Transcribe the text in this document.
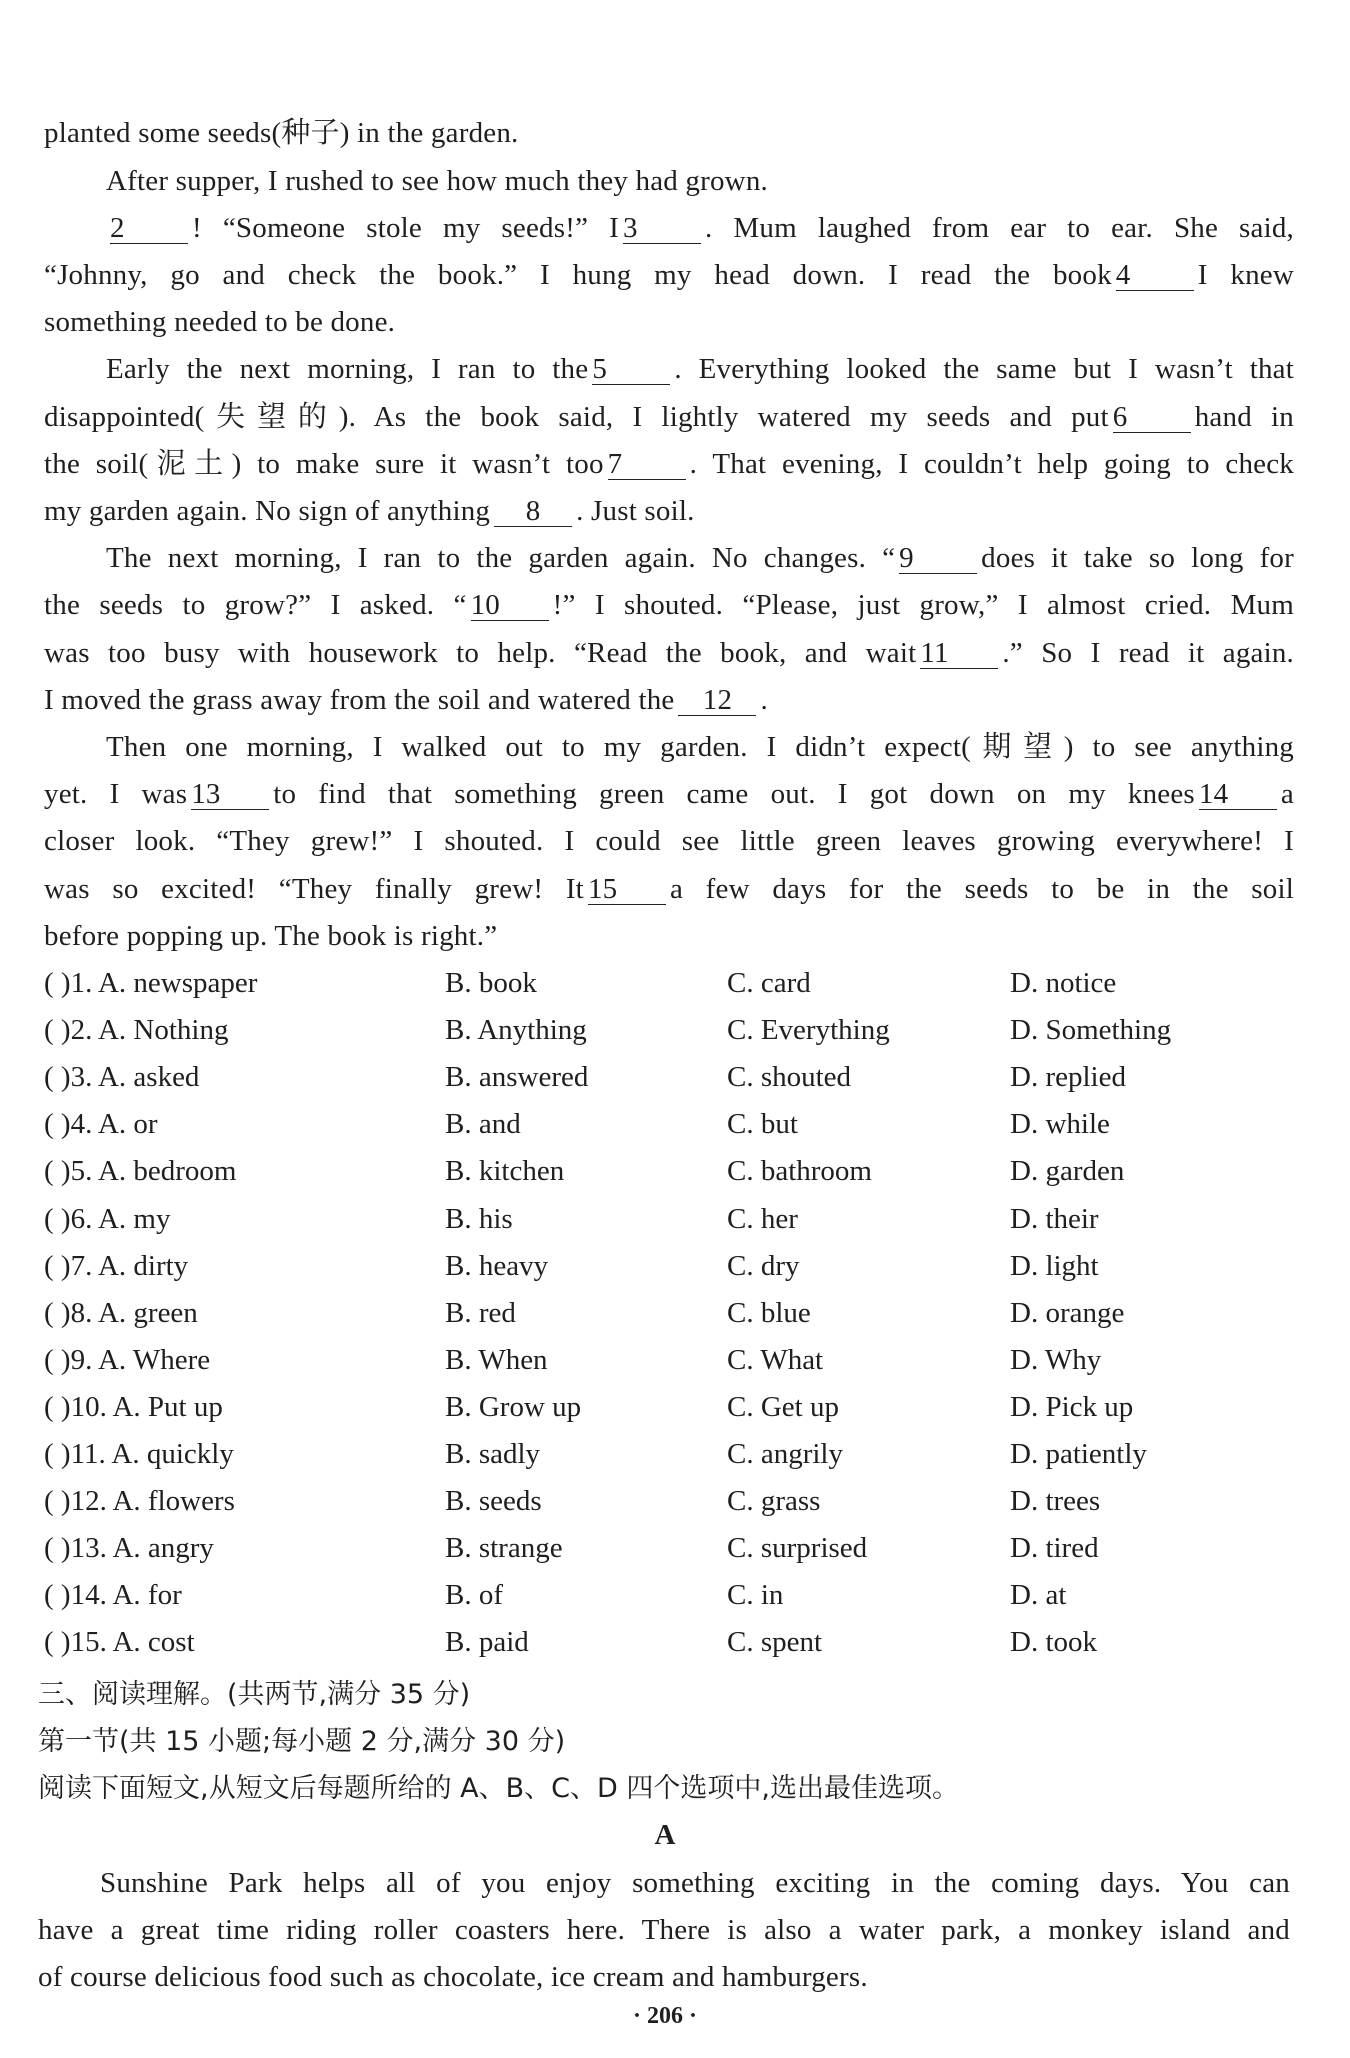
planted some seeds(种子) in the garden.
After supper, I rushed to see how much they had grown.
2 ! “Someone stole my seeds!” I 3 . Mum laughed from ear to ear. She said,
“Johnny, go and check the book.” I hung my head down. I read the book 4 I knew
something needed to be done.
Early the next morning, I ran to the 5 . Everything looked the same but I wasn’t that
disappointed(失望的). As the book said, I lightly watered my seeds and put 6 hand in
the soil(泥土) to make sure it wasn’t too 7 . That evening, I couldn’t help going to check
my garden again. No sign of anything 8 . Just soil.
The next morning, I ran to the garden again. No changes. “ 9 does it take so long for
the seeds to grow?” I asked. “ 10 !” I shouted. “Please, just grow,” I almost cried. Mum
was too busy with housework to help. “Read the book, and wait 11 .” So I read it again.
I moved the grass away from the soil and watered the 12 .
Then one morning, I walked out to my garden. I didn’t expect(期望) to see anything
yet. I was 13 to find that something green came out. I got down on my knees 14 a
closer look. “They grew!” I shouted. I could see little green leaves growing everywhere! I
was so excited! “They finally grew! It 15 a few days for the seeds to be in the soil
before popping up. The book is right.”
( )1. A. newspaper	B. book	C. card	D. notice
( )2. A. Nothing	B. Anything	C. Everything	D. Something
( )3. A. asked	B. answered	C. shouted	D. replied
( )4. A. or	B. and	C. but	D. while
( )5. A. bedroom	B. kitchen	C. bathroom	D. garden
( )6. A. my	B. his	C. her	D. their
( )7. A. dirty	B. heavy	C. dry	D. light
( )8. A. green	B. red	C. blue	D. orange
( )9. A. Where	B. When	C. What	D. Why
( )10. A. Put up	B. Grow up	C. Get up	D. Pick up
( )11. A. quickly	B. sadly	C. angrily	D. patiently
( )12. A. flowers	B. seeds	C. grass	D. trees
( )13. A. angry	B. strange	C. surprised	D. tired
( )14. A. for	B. of	C. in	D. at
( )15. A. cost	B. paid	C. spent	D. took
三、阅读理解。(共两节,满分 35 分)
第一节(共 15 小题;每小题 2 分,满分 30 分)
阅读下面短文,从短文后每题所给的 A、B、C、D 四个选项中,选出最佳选项。
A
Sunshine Park helps all of you enjoy something exciting in the coming days. You can
have a great time riding roller coasters here. There is also a water park, a monkey island and
of course delicious food such as chocolate, ice cream and hamburgers.
· 206 ·
